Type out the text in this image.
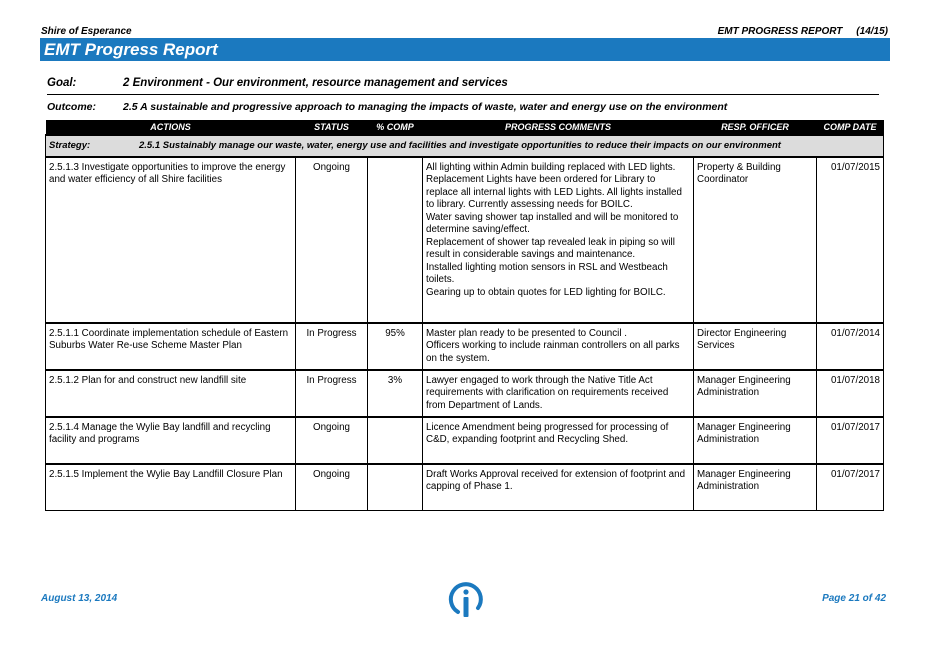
Shire of Esperance	EMT PROGRESS REPORT     (14/15)
EMT Progress Report
Goal:	2 Environment - Our environment, resource management and services
Outcome:	2.5 A sustainable and progressive approach to managing the impacts of waste, water and energy use on the environment
ACTIONS	STATUS	% COMP	PROGRESS COMMENTS	RESP. OFFICER	COMP DATE
Strategy: 2.5.1 Sustainably manage our waste, water, energy use and facilities and investigate opportunities to reduce their impacts on our environment					
2.5.1.3 Investigate opportunities to improve the energy and water efficiency of all Shire facilities	Ongoing		All lighting within Admin building replaced with LED lights. Replacement Lights have been ordered for Library to replace all internal lights with LED Lights. All lights installed to library. Currently assessing needs for BOILC.
Water saving shower tap installed and will be monitored to determine saving/effect.
Replacement of shower tap revealed leak in piping so will result in considerable savings and maintenance.
Installed lighting motion sensors in RSL and Westbeach toilets.
Gearing up to obtain quotes for LED lighting for BOILC.	Property & Building Coordinator	01/07/2015
2.5.1.1 Coordinate implementation schedule of Eastern Suburbs Water Re-use Scheme Master Plan	In Progress	95%	Master plan ready to be presented to Council .
Officers working to include rainman controllers on all parks on the system.	Director Engineering Services	01/07/2014
2.5.1.2 Plan for and construct new landfill site	In Progress	3%	Lawyer engaged to work through the Native Title Act requirements with clarification on requirements received from Department of Lands.	Manager Engineering Administration	01/07/2018
2.5.1.4 Manage the Wylie Bay landfill and recycling facility and programs	Ongoing		Licence Amendment being progressed for processing of C&D, expanding footprint and Recycling Shed.	Manager Engineering Administration	01/07/2017
2.5.1.5 Implement the Wylie Bay Landfill Closure Plan	Ongoing		Draft Works Approval received for extension of footprint and capping of Phase 1.	Manager Engineering Administration	01/07/2017
August 13, 2014	Page 21 of 42
